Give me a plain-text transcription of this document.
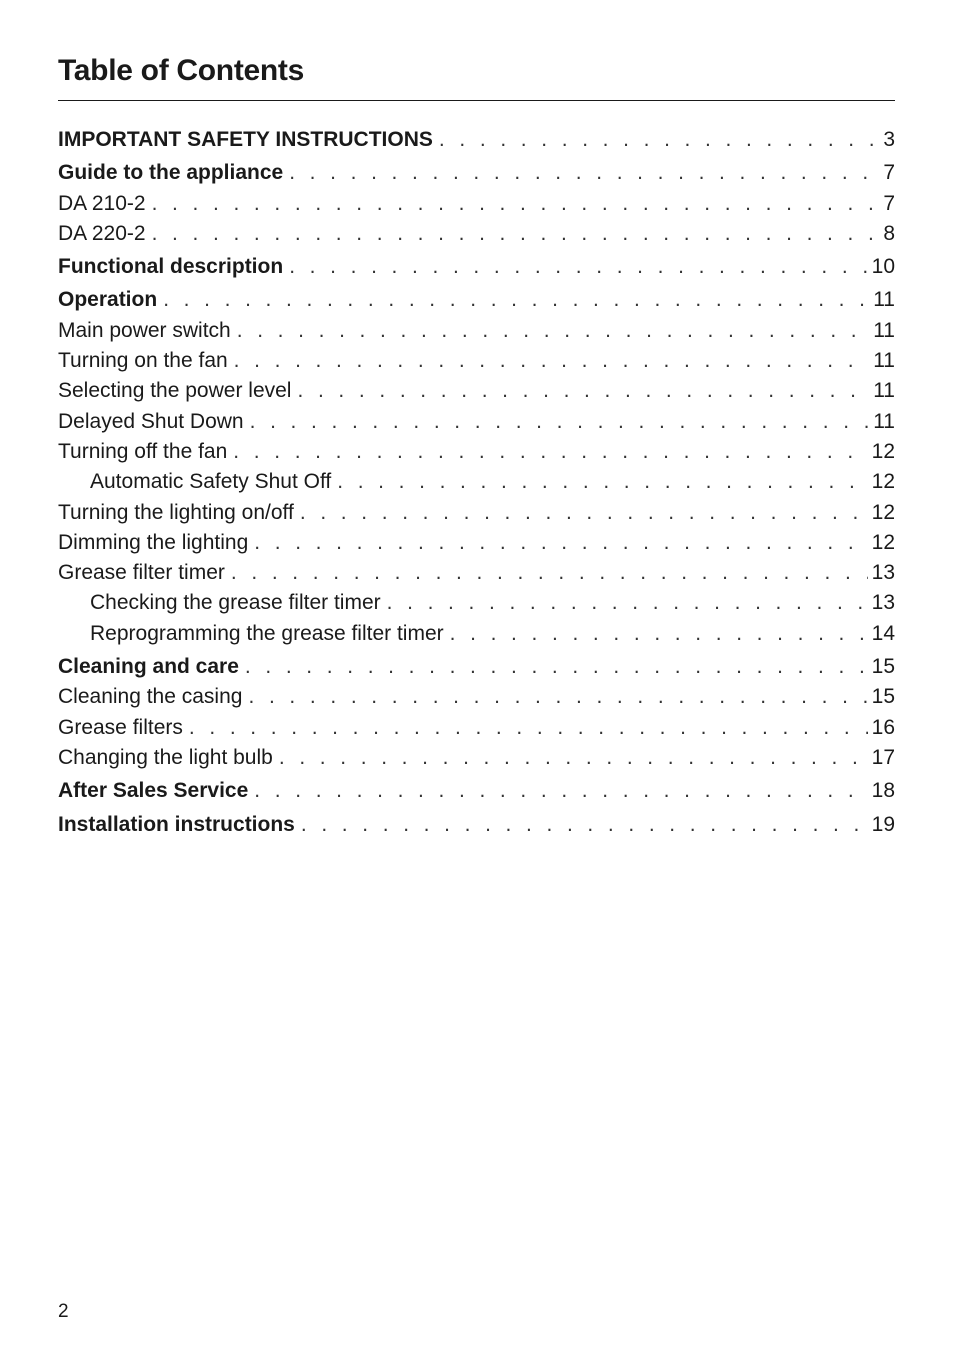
Table of Contents
IMPORTANT SAFETY INSTRUCTIONS . . .	3
Guide to the appliance . . .	7
DA 210-2 . . .	7
DA 220-2 . . .	8
Functional description . . .	10
Operation . . .	11
Main power switch . . .	11
Turning on the fan . . .	11
Selecting the power level . . .	11
Delayed Shut Down . . .	11
Turning off the fan . . .	12
Automatic Safety Shut Off . . .	12
Turning the lighting on/off . . .	12
Dimming the lighting . . .	12
Grease filter timer . . .	13
Checking the grease filter timer . . .	13
Reprogramming the grease filter timer . . .	14
Cleaning and care . . .	15
Cleaning the casing . . .	15
Grease filters . . .	16
Changing the light bulb . . .	17
After Sales Service . . .	18
Installation instructions . . .	19
2
